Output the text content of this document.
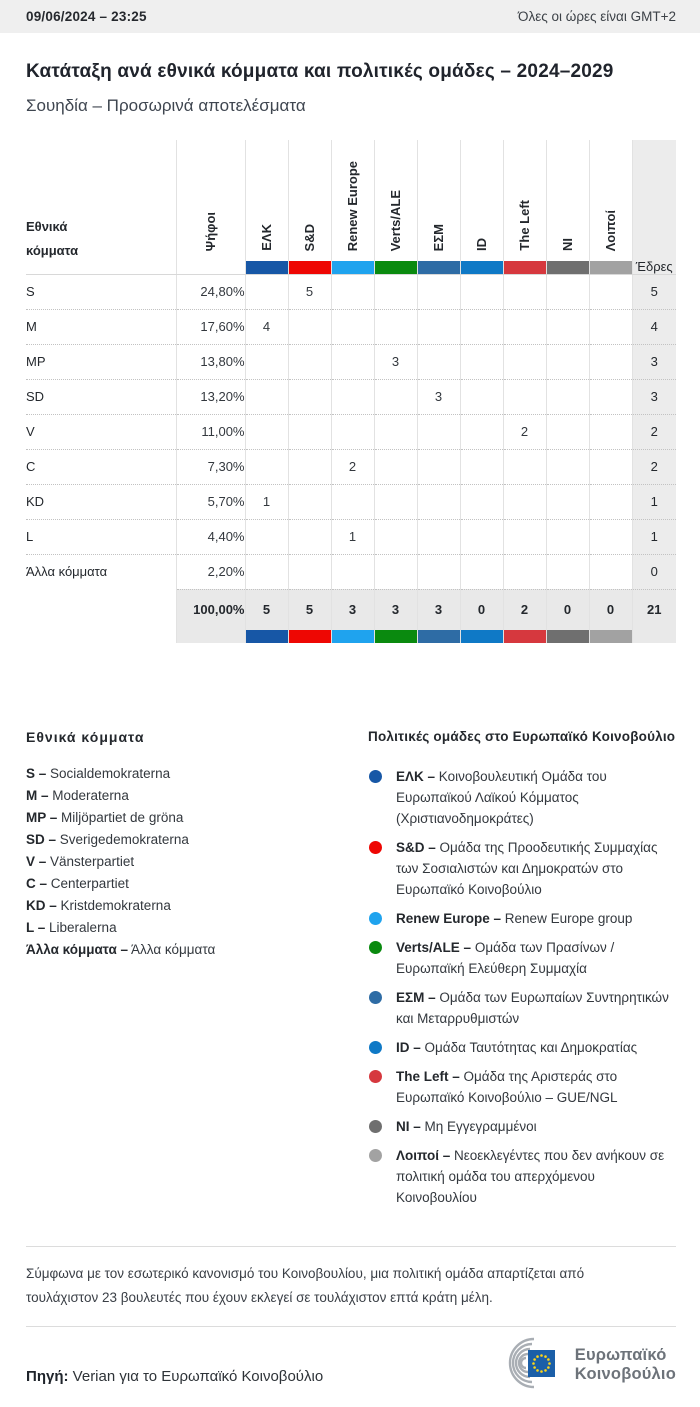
09/06/2024 – 23:25	Όλες οι ώρες είναι GMT+2
Κατάταξη ανά εθνικά κόμματα και πολιτικές ομάδες – 2024–2029
Σουηδία – Προσωρινά αποτελέσματα
Εθνικά κόμματα	Ψήφοι	ΕΛΚ	S&D	Renew Europe	Verts/ALE	ΕΣΜ	ID	The Left	NI	Λοιποί	Έδρες

S	24,80%		5								5
M	17,60%	4									4
MP	13,80%				3						3
SD	13,20%					3					3
V	11,00%							2			2
C	7,30%			2							2
KD	5,70%	1									1
L	4,40%			1							1
Άλλα κόμματα	2,20%										0
	100,00%	5	5	3	3	3	0	2	0	0	21

Εθνικά κόμματα
S – Socialdemokraterna
M – Moderaterna
MP – Miljöpartiet de gröna
SD – Sverigedemokraterna
V – Vänsterpartiet
C – Centerpartiet
KD – Kristdemokraterna
L – Liberalerna
Άλλα κόμματα – Άλλα κόμματα
Πολιτικές ομάδες στο Ευρωπαϊκό Κοινοβούλιο
ΕΛΚ – Κοινοβουλευτική Ομάδα του Ευρωπαϊκού Λαϊκού Κόμματος (Χριστιανοδημοκράτες)
S&D – Ομάδα της Προοδευτικής Συμμαχίας των Σοσιαλιστών και Δημοκρατών στο Ευρωπαϊκό Κοινοβούλιο
Renew Europe – Renew Europe group
Verts/ALE – Ομάδα των Πρασίνων / Ευρωπαϊκή Ελεύθερη Συμμαχία
ΕΣΜ – Ομάδα των Ευρωπαίων Συντηρητικών και Μεταρρυθμιστών
ID – Ομάδα Ταυτότητας και Δημοκρατίας
The Left – Ομάδα της Αριστεράς στο Ευρωπαϊκό Κοινοβούλιο – GUE/NGL
NI – Μη Εγγεγραμμένοι
Λοιποί – Νεοεκλεγέντες που δεν ανήκουν σε πολιτική ομάδα του απερχόμενου Κοινοβουλίου

Σύμφωνα με τον εσωτερικό κανονισμό του Κοινοβουλίου, μια πολιτική ομάδα απαρτίζεται από τουλάχιστον 23 βουλευτές που έχουν εκλεγεί σε τουλάχιστον επτά κράτη μέλη.

Πηγή: Verian για το Ευρωπαϊκό Κοινοβούλιο
Ευρωπαϊκό
Κοινοβούλιο
